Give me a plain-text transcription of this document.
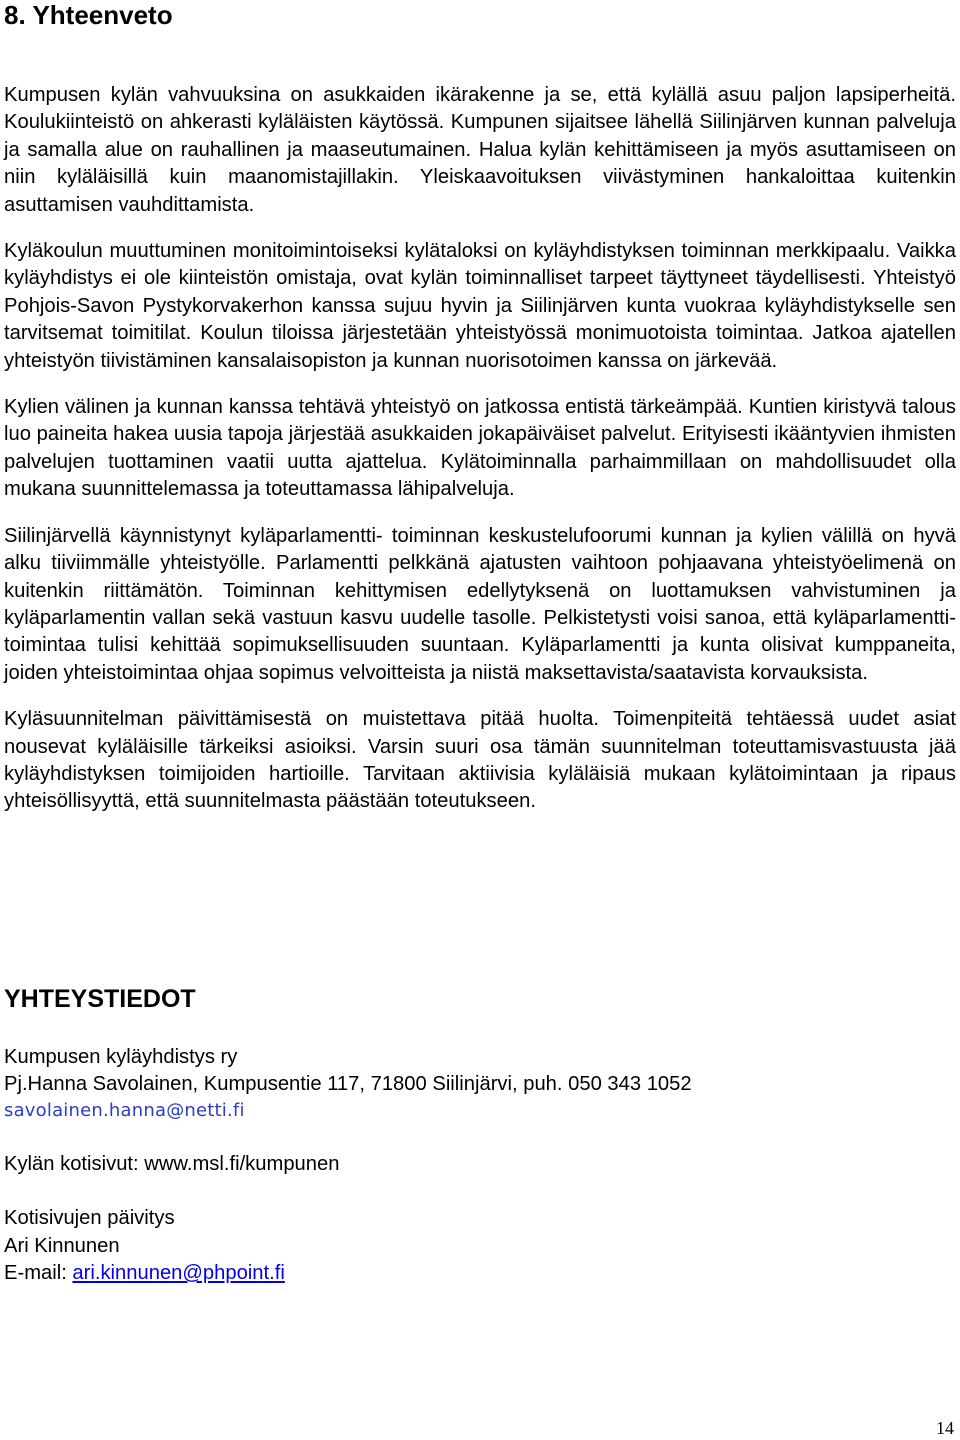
8. Yhteenveto

Kumpusen kylän vahvuuksina on asukkaiden ikärakenne ja se, että kylällä asuu paljon lapsiperheitä. Koulukiinteistö on ahkerasti kyläläisten käytössä. Kumpunen sijaitsee lähellä Siilinjärven kunnan palveluja ja samalla alue on rauhallinen ja maaseutumainen. Halua kylän kehittämiseen ja myös asuttamiseen on niin kyläläisillä kuin maanomistajillakin. Yleiskaavoituksen viivästyminen hankaloittaa kuitenkin asuttamisen vauhdittamista.

Kyläkoulun muuttuminen monitoimintoiseksi kylätaloksi on kyläyhdistyksen toiminnan merkkipaalu. Vaikka kyläyhdistys ei ole kiinteistön omistaja, ovat kylän toiminnalliset tarpeet täyttyneet täydellisesti. Yhteistyö Pohjois-Savon Pystykorvakerhon kanssa sujuu hyvin ja Siilinjärven kunta vuokraa kyläyhdistykselle sen tarvitsemat toimitilat. Koulun tiloissa järjestetään yhteistyössä monimuotoista toimintaa. Jatkoa ajatellen yhteistyön tiivistäminen kansalaisopiston ja kunnan nuorisotoimen kanssa on järkevää.

Kylien välinen ja kunnan kanssa tehtävä yhteistyö on jatkossa entistä tärkeämpää. Kuntien kiristyvä talous luo paineita hakea uusia tapoja järjestää asukkaiden jokapäiväiset palvelut. Erityisesti ikääntyvien ihmisten palvelujen tuottaminen vaatii uutta ajattelua. Kylätoiminnalla parhaimmillaan on mahdollisuudet olla mukana suunnittelemassa ja toteuttamassa lähipalveluja.

Siilinjärvellä käynnistynyt kyläparlamentti- toiminnan keskustelufoorumi kunnan ja kylien välillä on hyvä alku tiiviimmälle yhteistyölle. Parlamentti pelkkänä ajatusten vaihtoon pohjaavana yhteistyöelimenä on kuitenkin riittämätön. Toiminnan kehittymisen edellytyksenä on luottamuksen vahvistuminen ja kyläparlamentin vallan sekä vastuun kasvu uudelle tasolle. Pelkistetysti voisi sanoa, että kyläparlamentti- toimintaa tulisi kehittää sopimuksellisuuden suuntaan. Kyläparlamentti ja kunta olisivat kumppaneita, joiden yhteistoimintaa ohjaa sopimus velvoitteista ja niistä maksettavista/saatavista korvauksista.

Kyläsuunnitelman päivittämisestä on muistettava pitää huolta. Toimenpiteitä tehtäessä uudet asiat nousevat kyläläisille tärkeiksi asioiksi. Varsin suuri osa tämän suunnitelman toteuttamisvastuusta jää kyläyhdistyksen toimijoiden hartioille. Tarvitaan aktiivisia kyläläisiä mukaan kylätoimintaan ja ripaus yhteisöllisyyttä, että suunnitelmasta päästään toteutukseen.

YHTEYSTIEDOT

Kumpusen kyläyhdistys ry

Pj.Hanna Savolainen, Kumpusentie 117, 71800 Siilinjärvi, puh. 050 343 1052

savolainen.hanna@netti.fi

Kylän kotisivut: www.msl.fi/kumpunen

Kotisivujen päivitys

Ari Kinnunen

E-mail: ari.kinnunen@phpoint.fi

14
